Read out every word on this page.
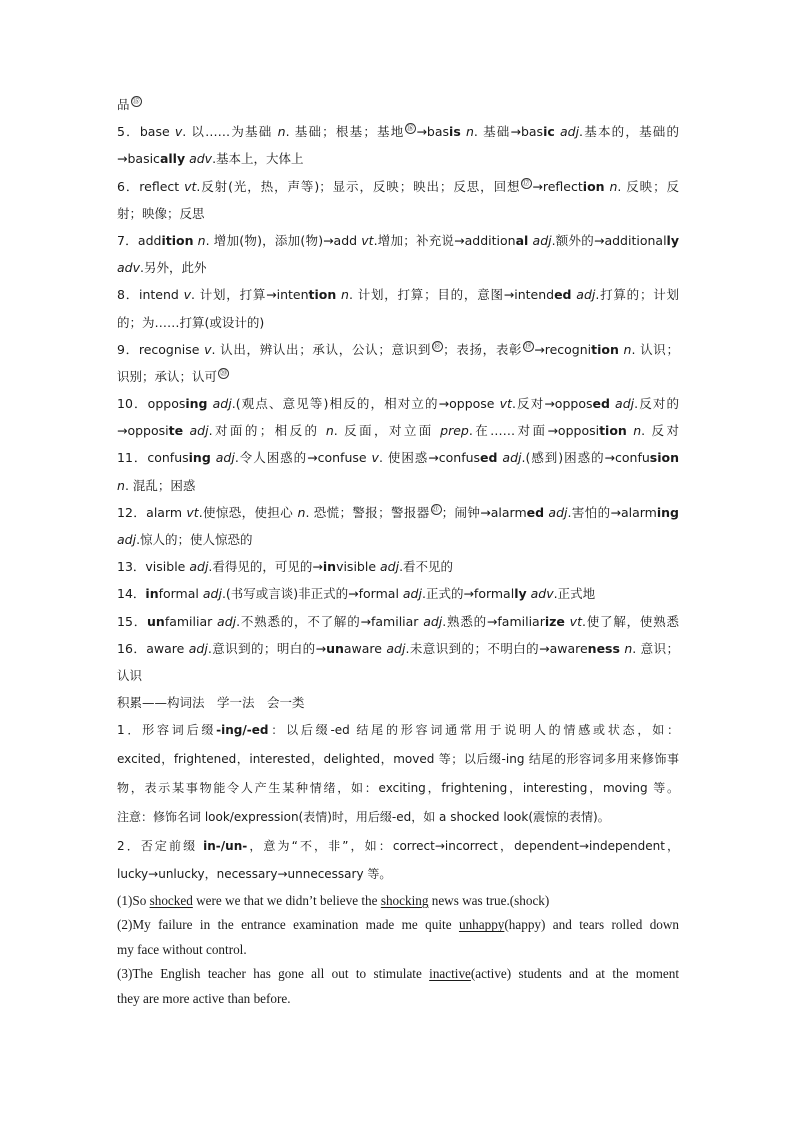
品 ⑮
5．base v. 以……为基础 n. 基础；根基；基地 ⑯ →basis n. 基础→basic adj.基本的，基础的
→basically adv.基本上，大体上
6．reflect vt.反射(光，热，声等)；显示，反映；映出；反思，回想 ⑰ →reflection n. 反映；反
射；映像；反思
7．addition n. 增加(物)，添加(物)→add vt.增加；补充说→additional adj.额外的→additionally
adv.另外，此外
8．intend v. 计划，打算→intention n. 计划，打算；目的，意图→intended adj.打算的；计划
的；为……打算(或设计的)
9．recognise v. 认出，辨认出；承认，公认；意识到 ⑱ ；表扬，表彰 ⑲ →recognition n. 认识；
识别；承认；认可 ⑳
10．opposing adj.(观点、意见等)相反的，相对立的→oppose vt.反对→opposed adj.反对的
→opposite adj.对面的；相反的 n. 反面，对立面 prep.在……对面→opposition n. 反对
11．confusing adj.令人困惑的→confuse v. 使困惑→confused adj.(感到)困惑的→confusion
n. 混乱；困惑
12．alarm vt.使惊恐，使担心 n. 恐慌；警报；警报器 ㉑ ；闹钟→alarmed adj.害怕的→alarming
adj.惊人的；使人惊恐的
13．visible adj.看得见的，可见的→invisible adj.看不见的
14．informal adj.(书写或言谈)非正式的→formal adj.正式的→formally adv.正式地
15．unfamiliar adj.不熟悉的，不了解的→familiar adj.熟悉的→familiarize vt.使了解，使熟悉
16．aware adj.意识到的；明白的→unaware adj.未意识到的；不明白的→awareness n. 意识；
认识
积累——构词法　学一法　会一类
1．形容词后缀-ing/-ed：以后缀-ed 结尾的形容词通常用于说明人的情感或状态，如：
excited，frightened，interested，delighted，moved 等；以后缀-ing 结尾的形容词多用来修饰事
物，表示某事物能令人产生某种情绪，如：exciting，frightening，interesting，moving 等。
注意：修饰名词 look/expression(表情)时，用后缀-ed，如 a shocked look(震惊的表情)。
2．否定前缀 in-/un-，意为“不，非”，如：correct→incorrect，dependent→independent，
lucky→unlucky，necessary→unnecessary 等。
(1)So shocked were we that we didn’t believe the shocking news was true.(shock)
(2)My failure in the entrance examination made me quite unhappy(happy) and tears rolled down
my face without control.
(3)The English teacher has gone all out to stimulate inactive(active) students and at the moment
they are more active than before.
